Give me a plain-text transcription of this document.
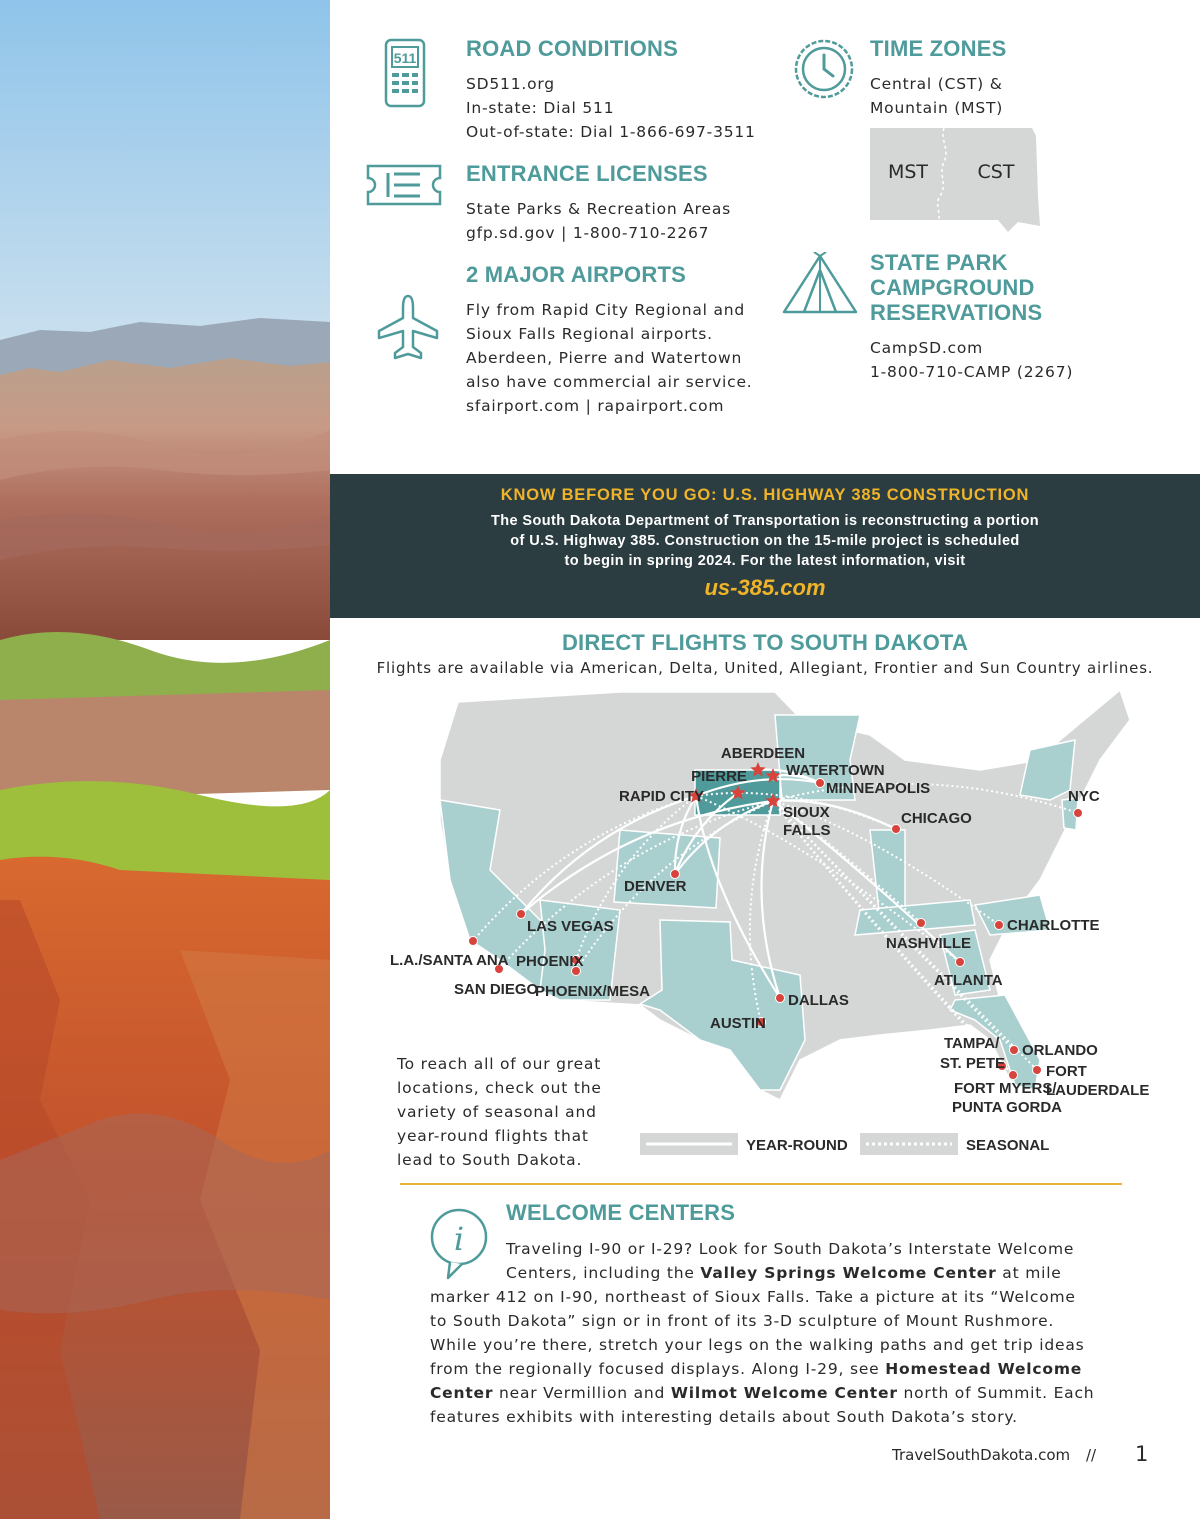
511 ROAD CONDITIONS
SD511.org
In-state: Dial 511
Out-of-state: Dial 1-866-697-3511
ENTRANCE LICENSES
State Parks & Recreation Areas
gfp.sd.gov | 1-800-710-2267
2 MAJOR AIRPORTS
Fly from Rapid City Regional and
Sioux Falls Regional airports.
Aberdeen, Pierre and Watertown
also have commercial air service.
sfairport.com | rapairport.com
TIME ZONES
Central (CST) &
Mountain (MST)
MST	CST
STATE PARK
CAMPGROUND
RESERVATIONS
CampSD.com
1-800-710-CAMP (2267)
KNOW BEFORE YOU GO: U.S. HIGHWAY 385 CONSTRUCTION
The South Dakota Department of Transportation is reconstructing a portion
of U.S. Highway 385. Construction on the 15-mile project is scheduled
to begin in spring 2024. For the latest information, visit
us-385.com
DIRECT FLIGHTS TO SOUTH DAKOTA
Flights are available via American, Delta, United, Allegiant, Frontier and Sun Country airlines.
YEAR-ROUND	SEASONAL
ABERDEEN
PIERRE	WATERTOWN
RAPID CITY
SIOUX
FALLS
MINNEAPOLIS
CHICAGO
NYC
DENVER
LAS VEGAS
L.A./SANTA ANA
SAN DIEGO
PHOENIX
PHOENIX/MESA
DALLAS
AUSTIN
NASHVILLE
CHARLOTTE
ATLANTA
TAMPA/
ST. PETE
ORLANDO
FORT
LAUDERDALE
FORT MYERS/
PUNTA GORDA
To reach all of our great
locations, check out the
variety of seasonal and
year-round flights that
lead to South Dakota.
i
WELCOME CENTERS
Traveling I-90 or I-29? Look for South Dakota’s Interstate Welcome
Centers, including the Valley Springs Welcome Center at mile
marker 412 on I-90, northeast of Sioux Falls. Take a picture at its “Welcome
to South Dakota” sign or in front of its 3-D sculpture of Mount Rushmore.
While you’re there, stretch your legs on the walking paths and get trip ideas
from the regionally focused displays. Along I-29, see Homestead Welcome
Center near Vermillion and Wilmot Welcome Center north of Summit. Each
features exhibits with interesting details about South Dakota’s story.
TravelSouthDakota.com // 1
